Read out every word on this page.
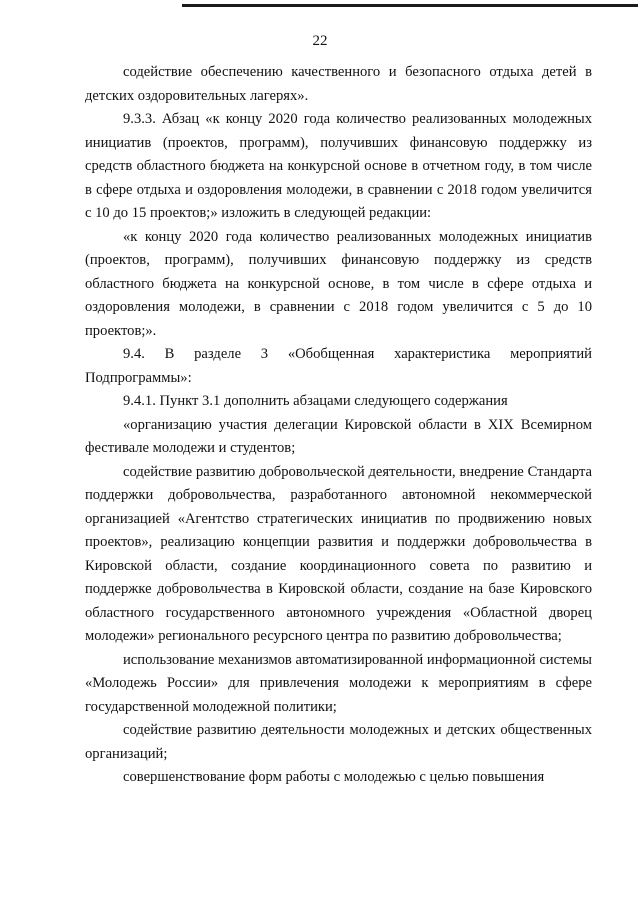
22

содействие обеспечению качественного и безопасного отдыха детей в детских оздоровительных лагерях».

9.3.3. Абзац «к концу 2020 года количество реализованных молодежных инициатив (проектов, программ), получивших финансовую поддержку из средств областного бюджета на конкурсной основе в отчетном году, в том числе в сфере отдыха и оздоровления молодежи, в сравнении с 2018 годом увеличится с 10 до 15 проектов;» изложить в следующей редакции:

«к концу 2020 года количество реализованных молодежных инициатив (проектов, программ), получивших финансовую поддержку из средств областного бюджета на конкурсной основе, в том числе в сфере отдыха и оздоровления молодежи, в сравнении с 2018 годом увеличится с 5 до 10 проектов;».

9.4. В разделе 3 «Обобщенная характеристика мероприятий Подпрограммы»:

9.4.1. Пункт 3.1 дополнить абзацами следующего содержания

«организацию участия делегации Кировской области в XIX Всемирном фестивале молодежи и студентов;

содействие развитию добровольческой деятельности, внедрение Стандарта поддержки добровольчества, разработанного автономной некоммерческой организацией «Агентство стратегических инициатив по продвижению новых проектов», реализацию концепции развития и поддержки добровольчества в Кировской области, создание координационного совета по развитию и поддержке добровольчества в Кировской области, создание на базе Кировского областного государственного автономного учреждения «Областной дворец молодежи» регионального ресурсного центра по развитию добровольчества;

использование механизмов автоматизированной информационной системы «Молодежь России» для привлечения молодежи к мероприятиям в сфере государственной молодежной политики;

содействие развитию деятельности молодежных и детских общественных организаций;

совершенствование форм работы с молодежью с целью повышения
